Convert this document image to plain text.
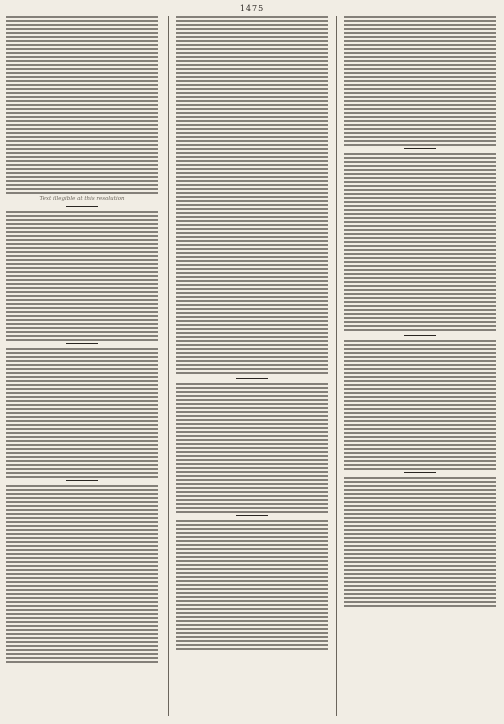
1475
Text illegible at this resolution
